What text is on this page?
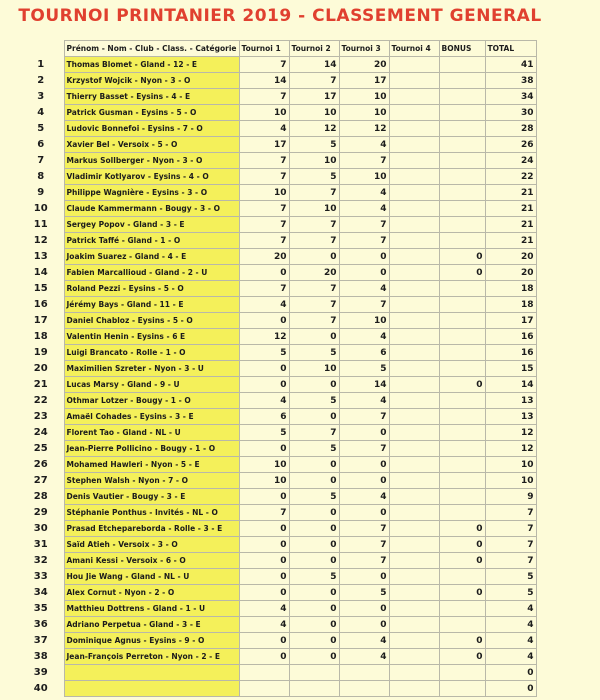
TOURNOI PRINTANIER 2019 - CLASSEMENT GENERAL
	Prénom - Nom - Club - Class. - Catégorie	Tournoi 1	Tournoi 2	Tournoi 3	Tournoi 4	BONUS	TOTAL
1	Thomas Blomet - Gland - 12 - E	7	14	20			41
2	Krzystof Wojcik - Nyon - 3 - O	14	7	17			38
3	Thierry Basset - Eysins - 4 - E	7	17	10			34
4	Patrick Gusman - Eysins - 5 - O	10	10	10			30
5	Ludovic Bonnefoi - Eysins - 7 - O	4	12	12			28
6	Xavier Bel - Versoix - 5 - O	17	5	4			26
7	Markus Sollberger - Nyon - 3 - O	7	10	7			24
8	Vladimir Kotlyarov - Eysins - 4 - O	7	5	10			22
9	Philippe Wagnière - Eysins - 3 - O	10	7	4			21
10	Claude Kammermann - Bougy - 3 - O	7	10	4			21
11	Sergey Popov - Gland - 3 - E	7	7	7			21
12	Patrick Taffé - Gland - 1 - O	7	7	7			21
13	Joakim Suarez - Gland - 4 - E	20	0	0		0	20
14	Fabien Marcallioud - Gland - 2 - U	0	20	0		0	20
15	Roland Pezzi - Eysins - 5 - O	7	7	4			18
16	Jérémy Bays - Gland - 11 - E	4	7	7			18
17	Daniel Chabloz - Eysins - 5 - O	0	7	10			17
18	Valentin Henin - Eysins - 6 E	12	0	4			16
19	Luigi Brancato - Rolle - 1 - O	5	5	6			16
20	Maximilien Szreter - Nyon - 3 - U	0	10	5			15
21	Lucas Marsy - Gland - 9 - U	0	0	14		0	14
22	Othmar Lotzer - Bougy - 1 - O	4	5	4			13
23	Amaël Cohades - Eysins - 3 - E	6	0	7			13
24	Florent Tao - Gland - NL - U	5	7	0			12
25	Jean-Pierre Pollicino - Bougy - 1 - O	0	5	7			12
26	Mohamed Hawleri - Nyon - 5 - E	10	0	0			10
27	Stephen Walsh - Nyon - 7 - O	10	0	0			10
28	Denis Vautier - Bougy - 3 - E	0	5	4			9
29	Stéphanie Ponthus - Invités - NL - O	7	0	0			7
30	Prasad Etchepareborda - Rolle - 3 - E	0	0	7		0	7
31	Saïd Atieh - Versoix - 3 - O	0	0	7		0	7
32	Amani Kessi - Versoix - 6 - O	0	0	7		0	7
33	Hou Jie Wang - Gland - NL - U	0	5	0			5
34	Alex Cornut - Nyon - 2 - O	0	0	5		0	5
35	Matthieu Dottrens - Gland - 1 - U	4	0	0			4
36	Adriano Perpetua - Gland - 3 - E	4	0	0			4
37	Dominique Agnus - Eysins - 9 - O	0	0	4		0	4
38	Jean-François Perreton - Nyon - 2 - E	0	0	4		0	4
39							0
40							0
